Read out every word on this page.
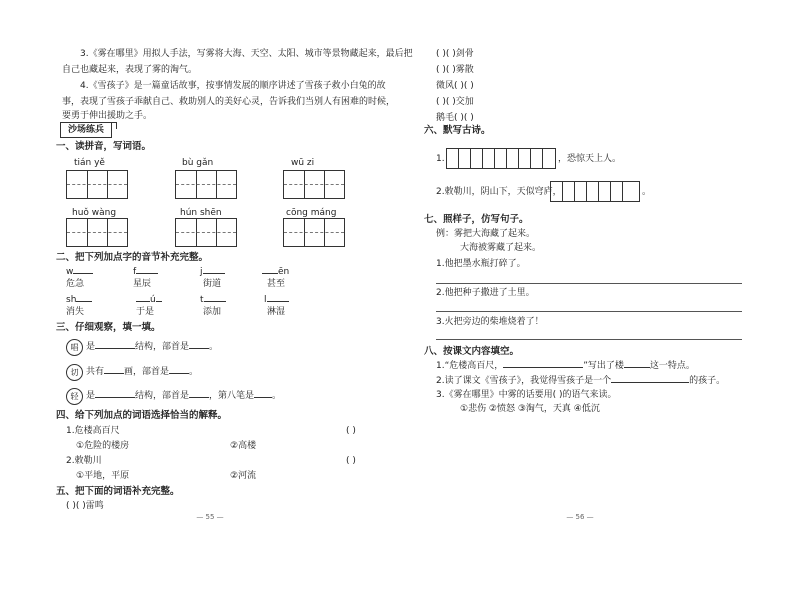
3.《雾在哪里》用拟人手法，写雾将大海、天空、太阳、城市等景物藏起来，最后把
自己也藏起来，表现了雾的淘气。
4.《雪孩子》是一篇童话故事，按事情发展的顺序讲述了雪孩子救小白兔的故
事，表现了雪孩子乖献自己、救助别人的美好心灵，告诉我们当别人有困难的时候，
要勇于伸出援助之手。
沙场练兵
一、读拼音，写词语。
tián yě	bù gǎn	wū zi
huǒ wàng	hún shēn	cōng máng
二、把下列加点字的音节补充完整。
w	f	j	ēn
危急	星辰	街道	甚至
sh	ú	t	l
消失	于是	添加	淋湿
三、仔细观察，填一填。
唱 是	结构，部首是 。
切 共有 画，部首是 。
轻 是	结构，部首是 ，第八笔是 。
四、给下列加点的词语选择恰当的解释。
1.危楼高百尺	( )
①危险的楼房	②高楼
2.敕勒川	( )
①平地，平原	②河流
五、把下面的词语补充完整。
( )( )雷鸣
— 55 —
( )( )剑骨
( )( )雾散
微风( )( )
( )( )交加
鹅毛( )( )
六、默写古诗。
1.	，恐惊天上人。
2.敕勒川，阴山下，天似穹庐，	。
七、照样子，仿写句子。
例：雾把大海藏了起来。
大海被雾藏了起来。
1.他把墨水瓶打碎了。
2.他把种子撒进了土里。
3.火把旁边的柴堆烧着了！
八、按课文内容填空。
1.“危楼高百尺，	”写出了楼	这一特点。
2.读了课文《雪孩子》，我觉得雪孩子是一个	的孩子。
3.《雾在哪里》中雾的话要用( )的语气来读。
①悲伤 ②愤怒 ③淘气，天真 ④低沉
— 56 —
